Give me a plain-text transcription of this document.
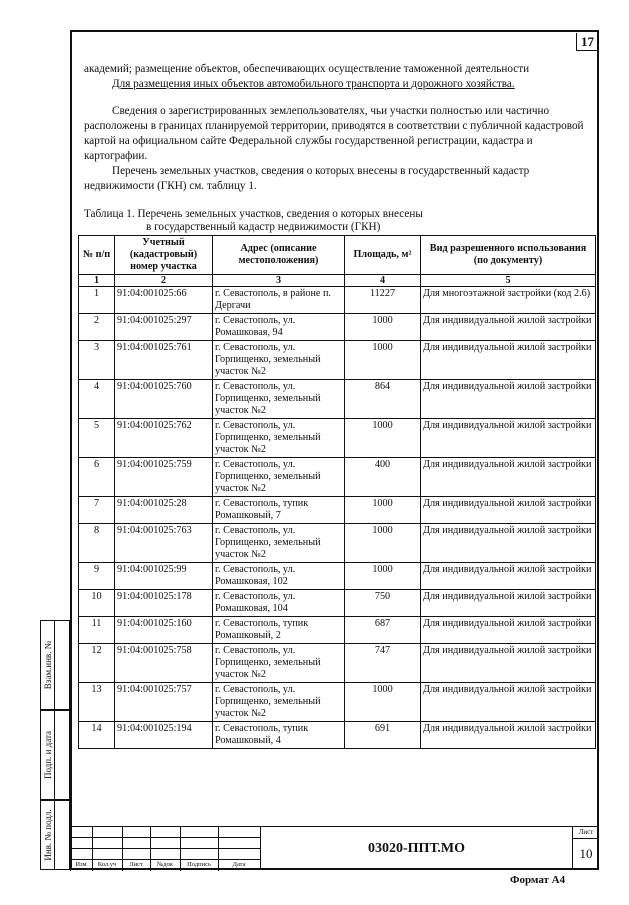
17

академий; размещение объектов, обеспечивающих осуществление таможенной деятельности

Для размещения иных объектов автомобильного транспорта и дорожного хозяйства.

Сведения о зарегистрированных землепользователях, чьи участки полностью или частично расположены в границах планируемой территории, приводятся в соответствии с публичной кадастровой картой на официальном сайте Федеральной службы государственной регистрации, кадастра и картографии.

Перечень земельных участков, сведения о которых внесены в государственный кадастр недвижимости (ГКН) см. таблицу 1.

Таблица 1. Перечень земельных участков, сведения о которых внесены
в государственный кадастр недвижимости (ГКН)
№ п/п	Учетный (кадастровый) номер участка	Адрес (описание местоположения)	Площадь, м²	Вид разрешенного использования (по документу)
1	2	3	4	5
1	91:04:001025:66	г. Севастополь, в районе п. Дергачи	11227	Для многоэтажной застройки (код 2.6)
2	91:04:001025:297	г. Севастополь, ул. Ромашковая, 94	1000	Для индивидуальной жилой застройки
3	91:04:001025:761	г. Севастополь, ул. Горпищенко, земельный участок №2	1000	Для индивидуальной жилой застройки
4	91:04:001025:760	г. Севастополь, ул. Горпищенко, земельный участок №2	864	Для индивидуальной жилой застройки
5	91:04:001025:762	г. Севастополь, ул. Горпищенко, земельный участок №2	1000	Для индивидуальной жилой застройки
6	91:04:001025:759	г. Севастополь, ул. Горпищенко, земельный участок №2	400	Для индивидуальной жилой застройки
7	91:04:001025:28	г. Севастополь, тупик Ромашковый, 7	1000	Для индивидуальной жилой застройки
8	91:04:001025:763	г. Севастополь, ул. Горпищенко, земельный участок №2	1000	Для индивидуальной жилой застройки
9	91:04:001025:99	г. Севастополь, ул. Ромашковая, 102	1000	Для индивидуальной жилой застройки
10	91:04:001025:178	г. Севастополь, ул. Ромашковая, 104	750	Для индивидуальной жилой застройки
11	91:04:001025:160	г. Севастополь, тупик Ромашковый, 2	687	Для индивидуальной жилой застройки
12	91:04:001025:758	г. Севастополь, ул. Горпищенко, земельный участок №2	747	Для индивидуальной жилой застройки
13	91:04:001025:757	г. Севастополь, ул. Горпищенко, земельный участок №2	1000	Для индивидуальной жилой застройки
14	91:04:001025:194	г. Севастополь, тупик Ромашковый, 4	691	Для индивидуальной жилой застройки
Взам.инв. №
Подп. и дата
Инв. № подл.
Изм	Кол.уч	Лист	№док	Подпись	Дата
03020-ППТ.МО
Лист
10
Формат А4
